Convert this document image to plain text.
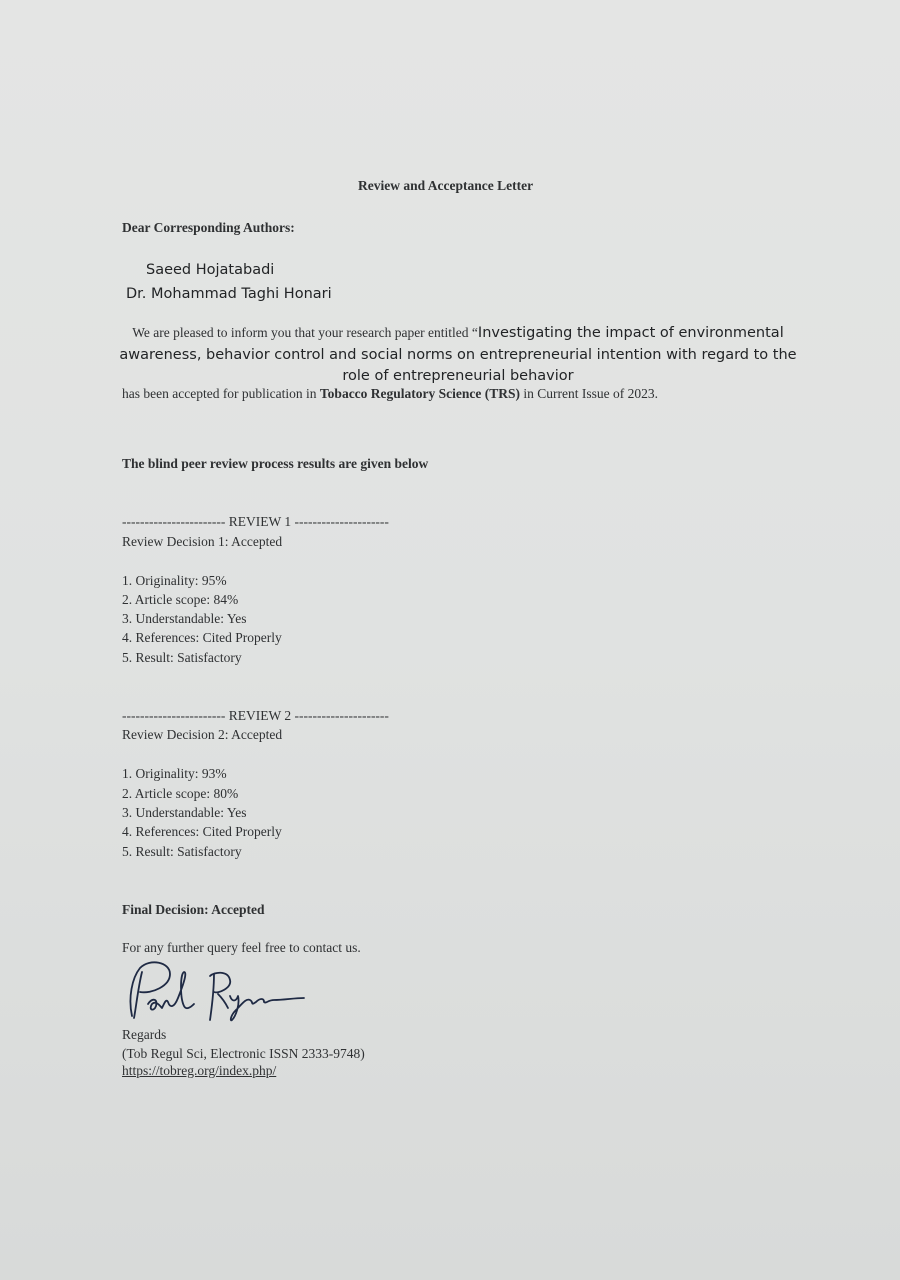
Review and Acceptance Letter

Dear Corresponding Authors:

Saeed Hojatabadi

Dr. Mohammad Taghi Honari

We are pleased to inform you that your research paper entitled “Investigating the impact of environmental awareness, behavior control and social norms on entrepreneurial intention with regard to the role of entrepreneurial behavior

has been accepted for publication in Tobacco Regulatory Science (TRS) in Current Issue of 2023.

The blind peer review process results are given below

----------------------- REVIEW 1 ---------------------

Review Decision 1: Accepted

1. Originality: 95%

2. Article scope: 84%

3. Understandable: Yes

4. References: Cited Properly

5. Result: Satisfactory

----------------------- REVIEW 2 ---------------------

Review Decision 2: Accepted

1. Originality: 93%

2. Article scope: 80%

3. Understandable: Yes

4. References: Cited Properly

5. Result: Satisfactory

Final Decision: Accepted

For any further query feel free to contact us.

Regards

(Tob Regul Sci, Electronic ISSN 2333-9748)

https://tobreg.org/index.php/
